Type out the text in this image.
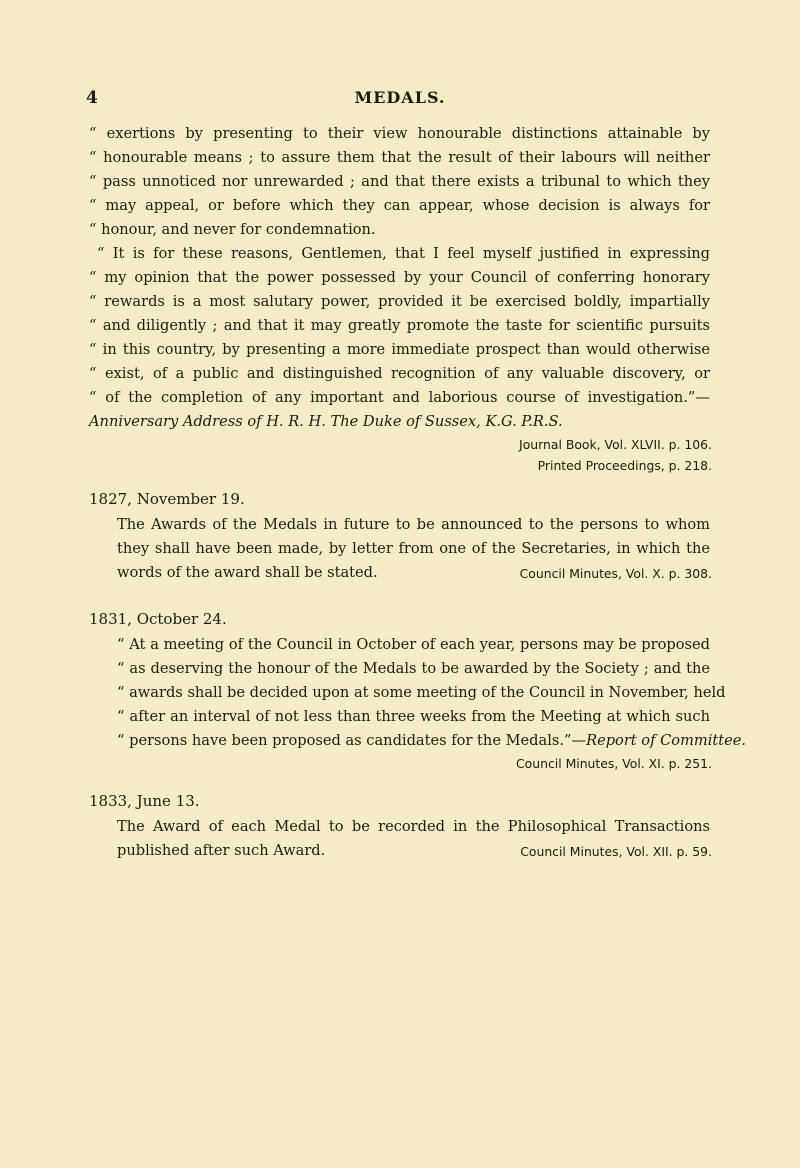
4	MEDALS.
“ exertions by presenting to their view honourable distinctions attainable by
“ honourable means ; to assure them that the result of their labours will neither
“ pass unnoticed nor unrewarded ; and that there exists a tribunal to which they
“ may appeal, or before which they can appear, whose decision is always for
“ honour, and never for condemnation.
“ It is for these reasons, Gentlemen, that I feel myself justified in expressing
“ my opinion that the power possessed by your Council of conferring honorary
“ rewards is a most salutary power, provided it be exercised boldly, impartially
“ and diligently ; and that it may greatly promote the taste for scientific pursuits
“ in this country, by presenting a more immediate prospect than would otherwise
“ exist, of a public and distinguished recognition of any valuable discovery, or
“ of the completion of any important and laborious course of investigation.”—
Anniversary Address of H. R. H. The Duke of Sussex, K.G. P.R.S.
Journal Book, Vol. XLVII. p. 106.
Printed Proceedings, p. 218.
1827, November 19.
The Awards of the Medals in future to be announced to the persons to whom
they shall have been made, by letter from one of the Secretaries, in which the
words of the award shall be stated.	Council Minutes, Vol. X. p. 308.
1831, October 24.
“ At a meeting of the Council in October of each year, persons may be proposed
“ as deserving the honour of the Medals to be awarded by the Society ; and the
“ awards shall be decided upon at some meeting of the Council in November, held
“ after an interval of not less than three weeks from the Meeting at which such
“ persons have been proposed as candidates for the Medals.”—Report of Committee.
Council Minutes, Vol. XI. p. 251.
1833, June 13.
The Award of each Medal to be recorded in the Philosophical Transactions
published after such Award.	Council Minutes, Vol. XII. p. 59.
